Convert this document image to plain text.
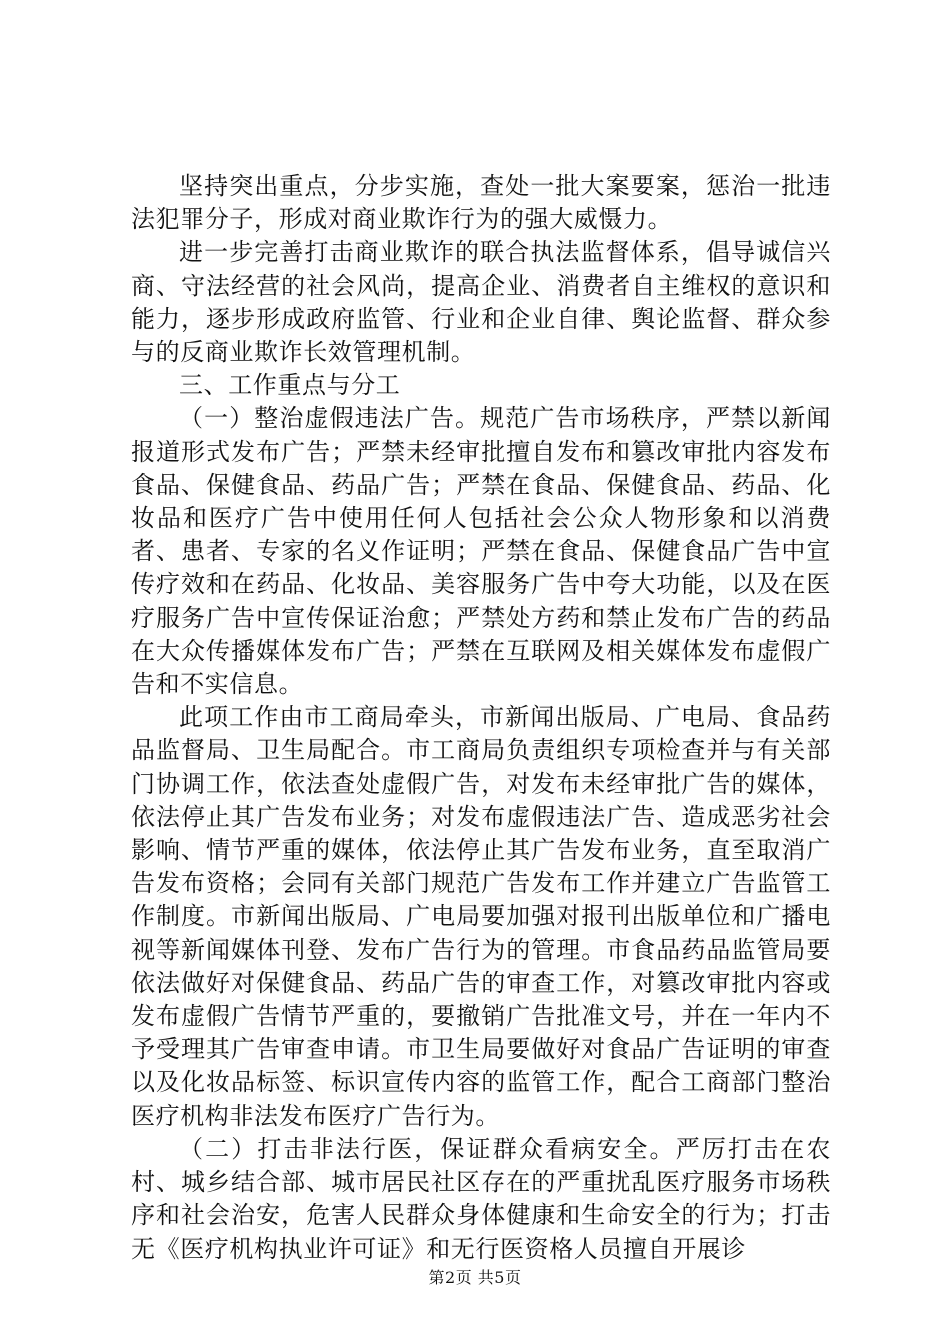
坚持突出重点，分步实施，查处一批大案要案，惩治一批违法犯罪分子，形成对商业欺诈行为的强大威慑力。

进一步完善打击商业欺诈的联合执法监督体系，倡导诚信兴商、守法经营的社会风尚，提高企业、消费者自主维权的意识和能力，逐步形成政府监管、行业和企业自律、舆论监督、群众参与的反商业欺诈长效管理机制。

三、工作重点与分工

（一）整治虚假违法广告。规范广告市场秩序，严禁以新闻报道形式发布广告；严禁未经审批擅自发布和篡改审批内容发布食品、保健食品、药品广告；严禁在食品、保健食品、药品、化妆品和医疗广告中使用任何人包括社会公众人物形象和以消费者、患者、专家的名义作证明；严禁在食品、保健食品广告中宣传疗效和在药品、化妆品、美容服务广告中夸大功能，以及在医疗服务广告中宣传保证治愈；严禁处方药和禁止发布广告的药品在大众传播媒体发布广告；严禁在互联网及相关媒体发布虚假广告和不实信息。

此项工作由市工商局牵头，市新闻出版局、广电局、食品药品监督局、卫生局配合。市工商局负责组织专项检查并与有关部门协调工作，依法查处虚假广告，对发布未经审批广告的媒体，依法停止其广告发布业务；对发布虚假违法广告、造成恶劣社会影响、情节严重的媒体，依法停止其广告发布业务，直至取消广告发布资格；会同有关部门规范广告发布工作并建立广告监管工作制度。市新闻出版局、广电局要加强对报刊出版单位和广播电视等新闻媒体刊登、发布广告行为的管理。市食品药品监管局要依法做好对保健食品、药品广告的审查工作，对篡改审批内容或发布虚假广告情节严重的，要撤销广告批准文号，并在一年内不予受理其广告审查申请。市卫生局要做好对食品广告证明的审查以及化妆品标签、标识宣传内容的监管工作，配合工商部门整治医疗机构非法发布医疗广告行为。

（二）打击非法行医，保证群众看病安全。严厉打击在农村、城乡结合部、城市居民社区存在的严重扰乱医疗服务市场秩序和社会治安，危害人民群众身体健康和生命安全的行为；打击无《医疗机构执业许可证》和无行医资格人员擅自开展诊

第2页 共5页
